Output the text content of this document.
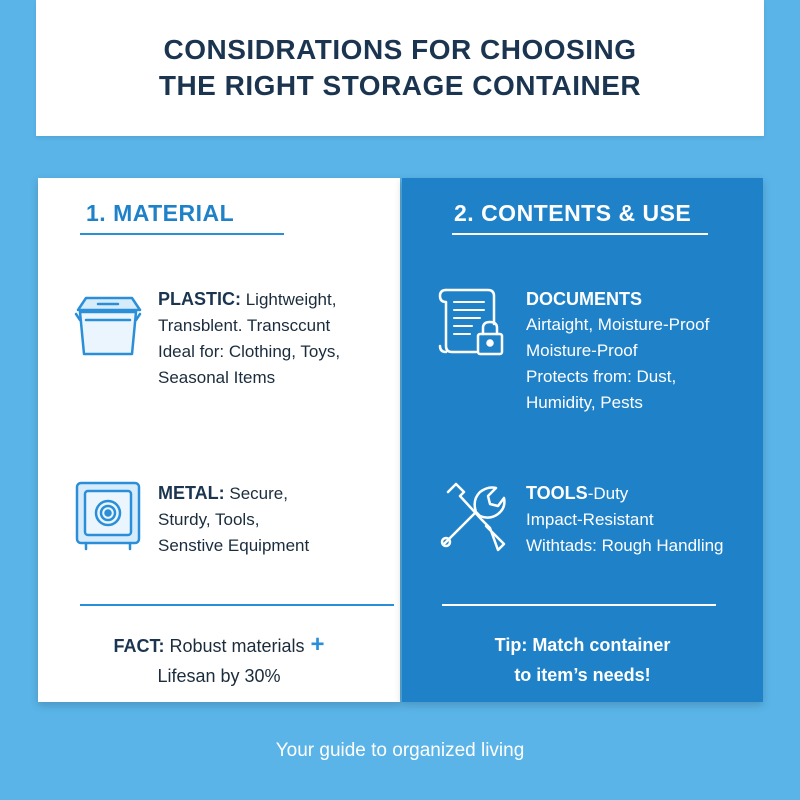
CONSIDRATIONS FOR CHOOSING
THE RIGHT STORAGE CONTAINER
1. MATERIAL
PLASTIC: Lightweight,
Transblent. Transccunt
Ideal for: Clothing, Toys,
Seasonal Items
METAL: Secure,
Sturdy, Tools,
Senstive Equipment
FACT: Robust materials +
Lifesan by 30%
2. CONTENTS & USE
DOCUMENTS
Airtaight, Moisture-Proof
Moisture-Proof
Protects from: Dust,
Humidity, Pests
TOOLS-Duty
Impact-Resistant
Withtads: Rough Handling
Tip: Match container
to item’s needs!
Your guide to organized living
